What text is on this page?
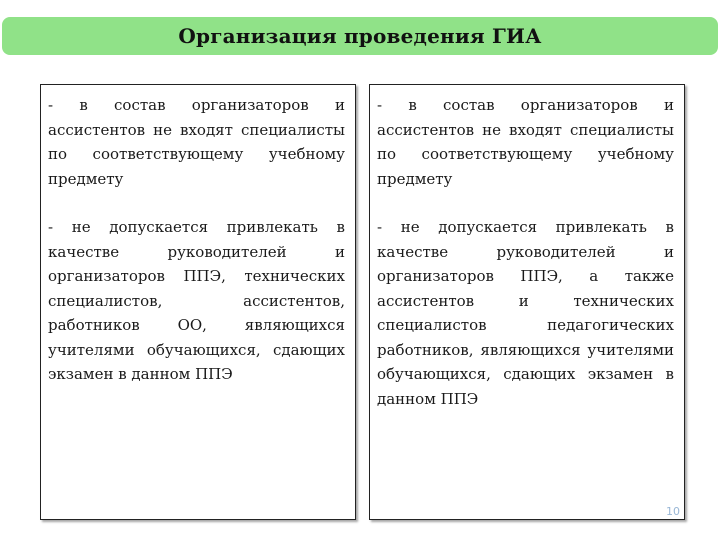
Организация проведения ГИА

- в состав организаторов и ассистентов не входят специалисты по соответствующему учебному предмету

- не допускается привлекать в качестве руководителей и организаторов ППЭ, технических специалистов, ассистентов, работников ОО, являющихся учителями обучающихся, сдающих экзамен в данном ППЭ

- в состав организаторов и ассистентов не входят специалисты по соответствующему учебному предмету

- не допускается привлекать в качестве руководителей и организаторов ППЭ, а также ассистентов и технических специалистов педагогических работников, являющихся учителями обучающихся, сдающих экзамен в данном ППЭ

10
